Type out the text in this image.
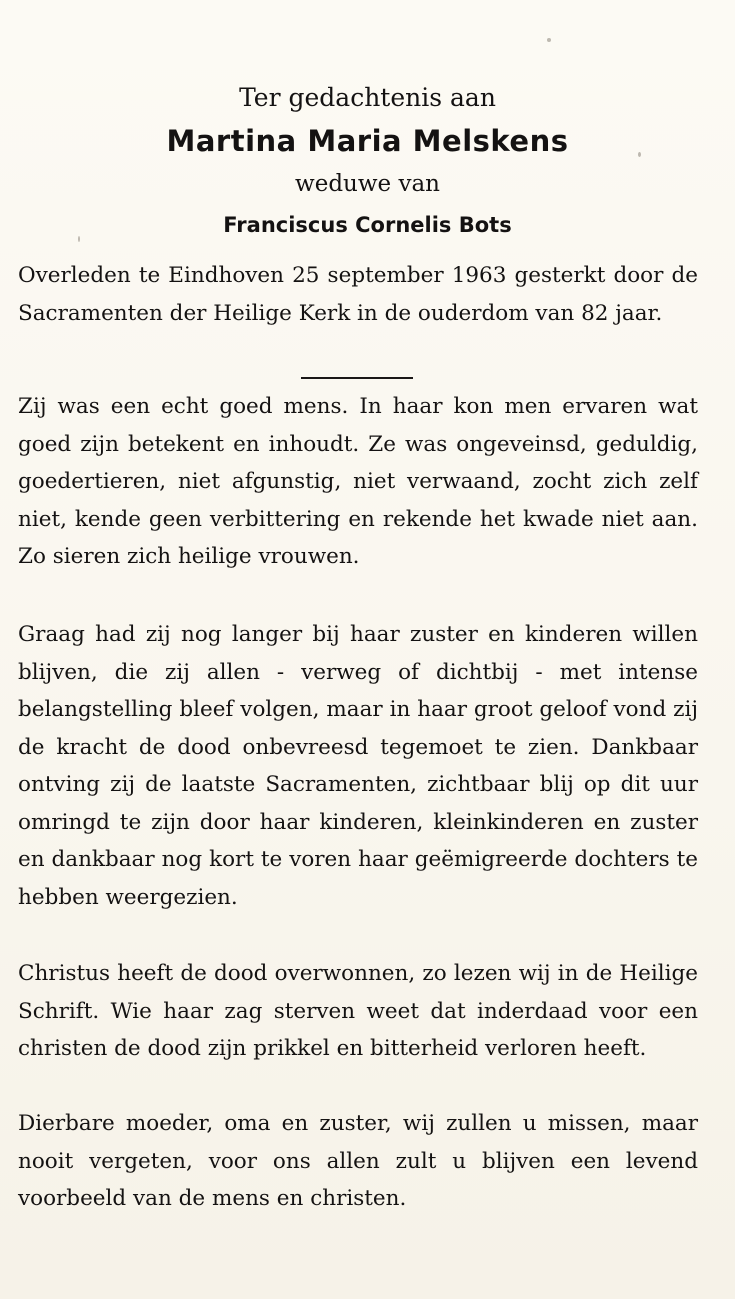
Ter gedachtenis aan

Martina Maria Melskens

weduwe van

Franciscus Cornelis Bots

Overleden te Eindhoven 25 september 1963 gesterkt door de Sacramenten der Heilige Kerk in de ouderdom van 82 jaar.

Zij was een echt goed mens. In haar kon men ervaren wat goed zijn betekent en inhoudt. Ze was ongeveinsd, geduldig, goedertieren, niet afgunstig, niet verwaand, zocht zich zelf niet, kende geen verbittering en rekende het kwade niet aan. Zo sieren zich heilige vrouwen.

Graag had zij nog langer bij haar zuster en kinderen willen blijven, die zij allen - verweg of dichtbij - met intense belangstelling bleef volgen, maar in haar groot geloof vond zij de kracht de dood onbevreesd tegemoet te zien. Dankbaar ontving zij de laatste Sacramenten, zichtbaar blij op dit uur omringd te zijn door haar kinderen, kleinkinderen en zuster en dankbaar nog kort te voren haar geëmigreerde dochters te hebben weergezien.

Christus heeft de dood overwonnen, zo lezen wij in de Heilige Schrift. Wie haar zag sterven weet dat inderdaad voor een christen de dood zijn prikkel en bitterheid verloren heeft.

Dierbare moeder, oma en zuster, wij zullen u missen, maar nooit vergeten, voor ons allen zult u blijven een levend voorbeeld van de mens en christen.
